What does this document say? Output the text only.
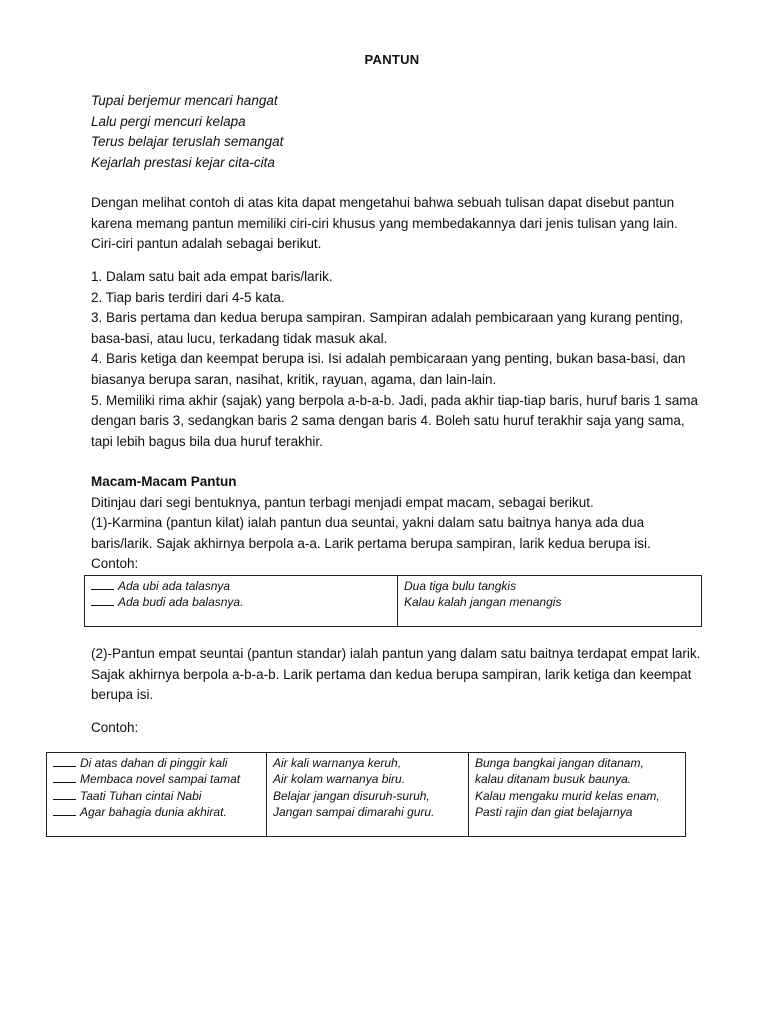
PANTUN
Tupai berjemur mencari hangat
Lalu pergi mencuri kelapa
Terus belajar teruslah semangat
Kejarlah prestasi kejar cita-cita
Dengan melihat contoh di atas kita dapat mengetahui bahwa sebuah tulisan dapat disebut pantun karena memang pantun memiliki ciri-ciri khusus yang membedakannya dari jenis tulisan yang lain. Ciri-ciri pantun adalah sebagai berikut.
1. Dalam satu bait ada empat baris/larik.
2. Tiap baris terdiri dari 4-5 kata.
3. Baris pertama dan kedua berupa sampiran. Sampiran adalah pembicaraan yang kurang penting, basa-basi, atau lucu, terkadang tidak masuk akal.
4. Baris ketiga dan keempat berupa isi. Isi adalah pembicaraan yang penting, bukan basa-basi, dan biasanya berupa saran, nasihat, kritik, rayuan, agama, dan lain-lain.
5. Memiliki rima akhir (sajak) yang berpola a-b-a-b. Jadi, pada akhir tiap-tiap baris, huruf baris 1 sama dengan baris 3, sedangkan baris 2 sama dengan baris 4. Boleh satu huruf terakhir saja yang sama, tapi lebih bagus bila dua huruf terakhir.
Macam-Macam Pantun
Ditinjau dari segi bentuknya, pantun terbagi menjadi empat macam, sebagai berikut.
(1)-Karmina (pantun kilat) ialah pantun dua seuntai, yakni dalam satu baitnya hanya ada dua baris/larik. Sajak akhirnya berpola a-a. Larik pertama berupa sampiran, larik kedua berupa isi.
Contoh:
Ada ubi ada talasnya
Ada budi ada balasnya.

Dua tiga bulu tangkis
Kalau kalah jangan menangis
(2)-Pantun empat seuntai (pantun standar) ialah pantun yang dalam satu baitnya terdapat empat larik. Sajak akhirnya berpola a-b-a-b. Larik pertama dan kedua berupa sampiran, larik ketiga dan keempat berupa isi.
Contoh:
Di atas dahan di pinggir kali
Membaca novel sampai tamat
Taati Tuhan cintai Nabi
Agar bahagia dunia akhirat.

Air kali warnanya keruh,
Air kolam warnanya biru.
Belajar jangan disuruh-suruh,
Jangan sampai dimarahi guru.

Bunga bangkai jangan ditanam,
kalau ditanam busuk baunya.
Kalau mengaku murid kelas enam,
Pasti rajin dan giat belajarnya
